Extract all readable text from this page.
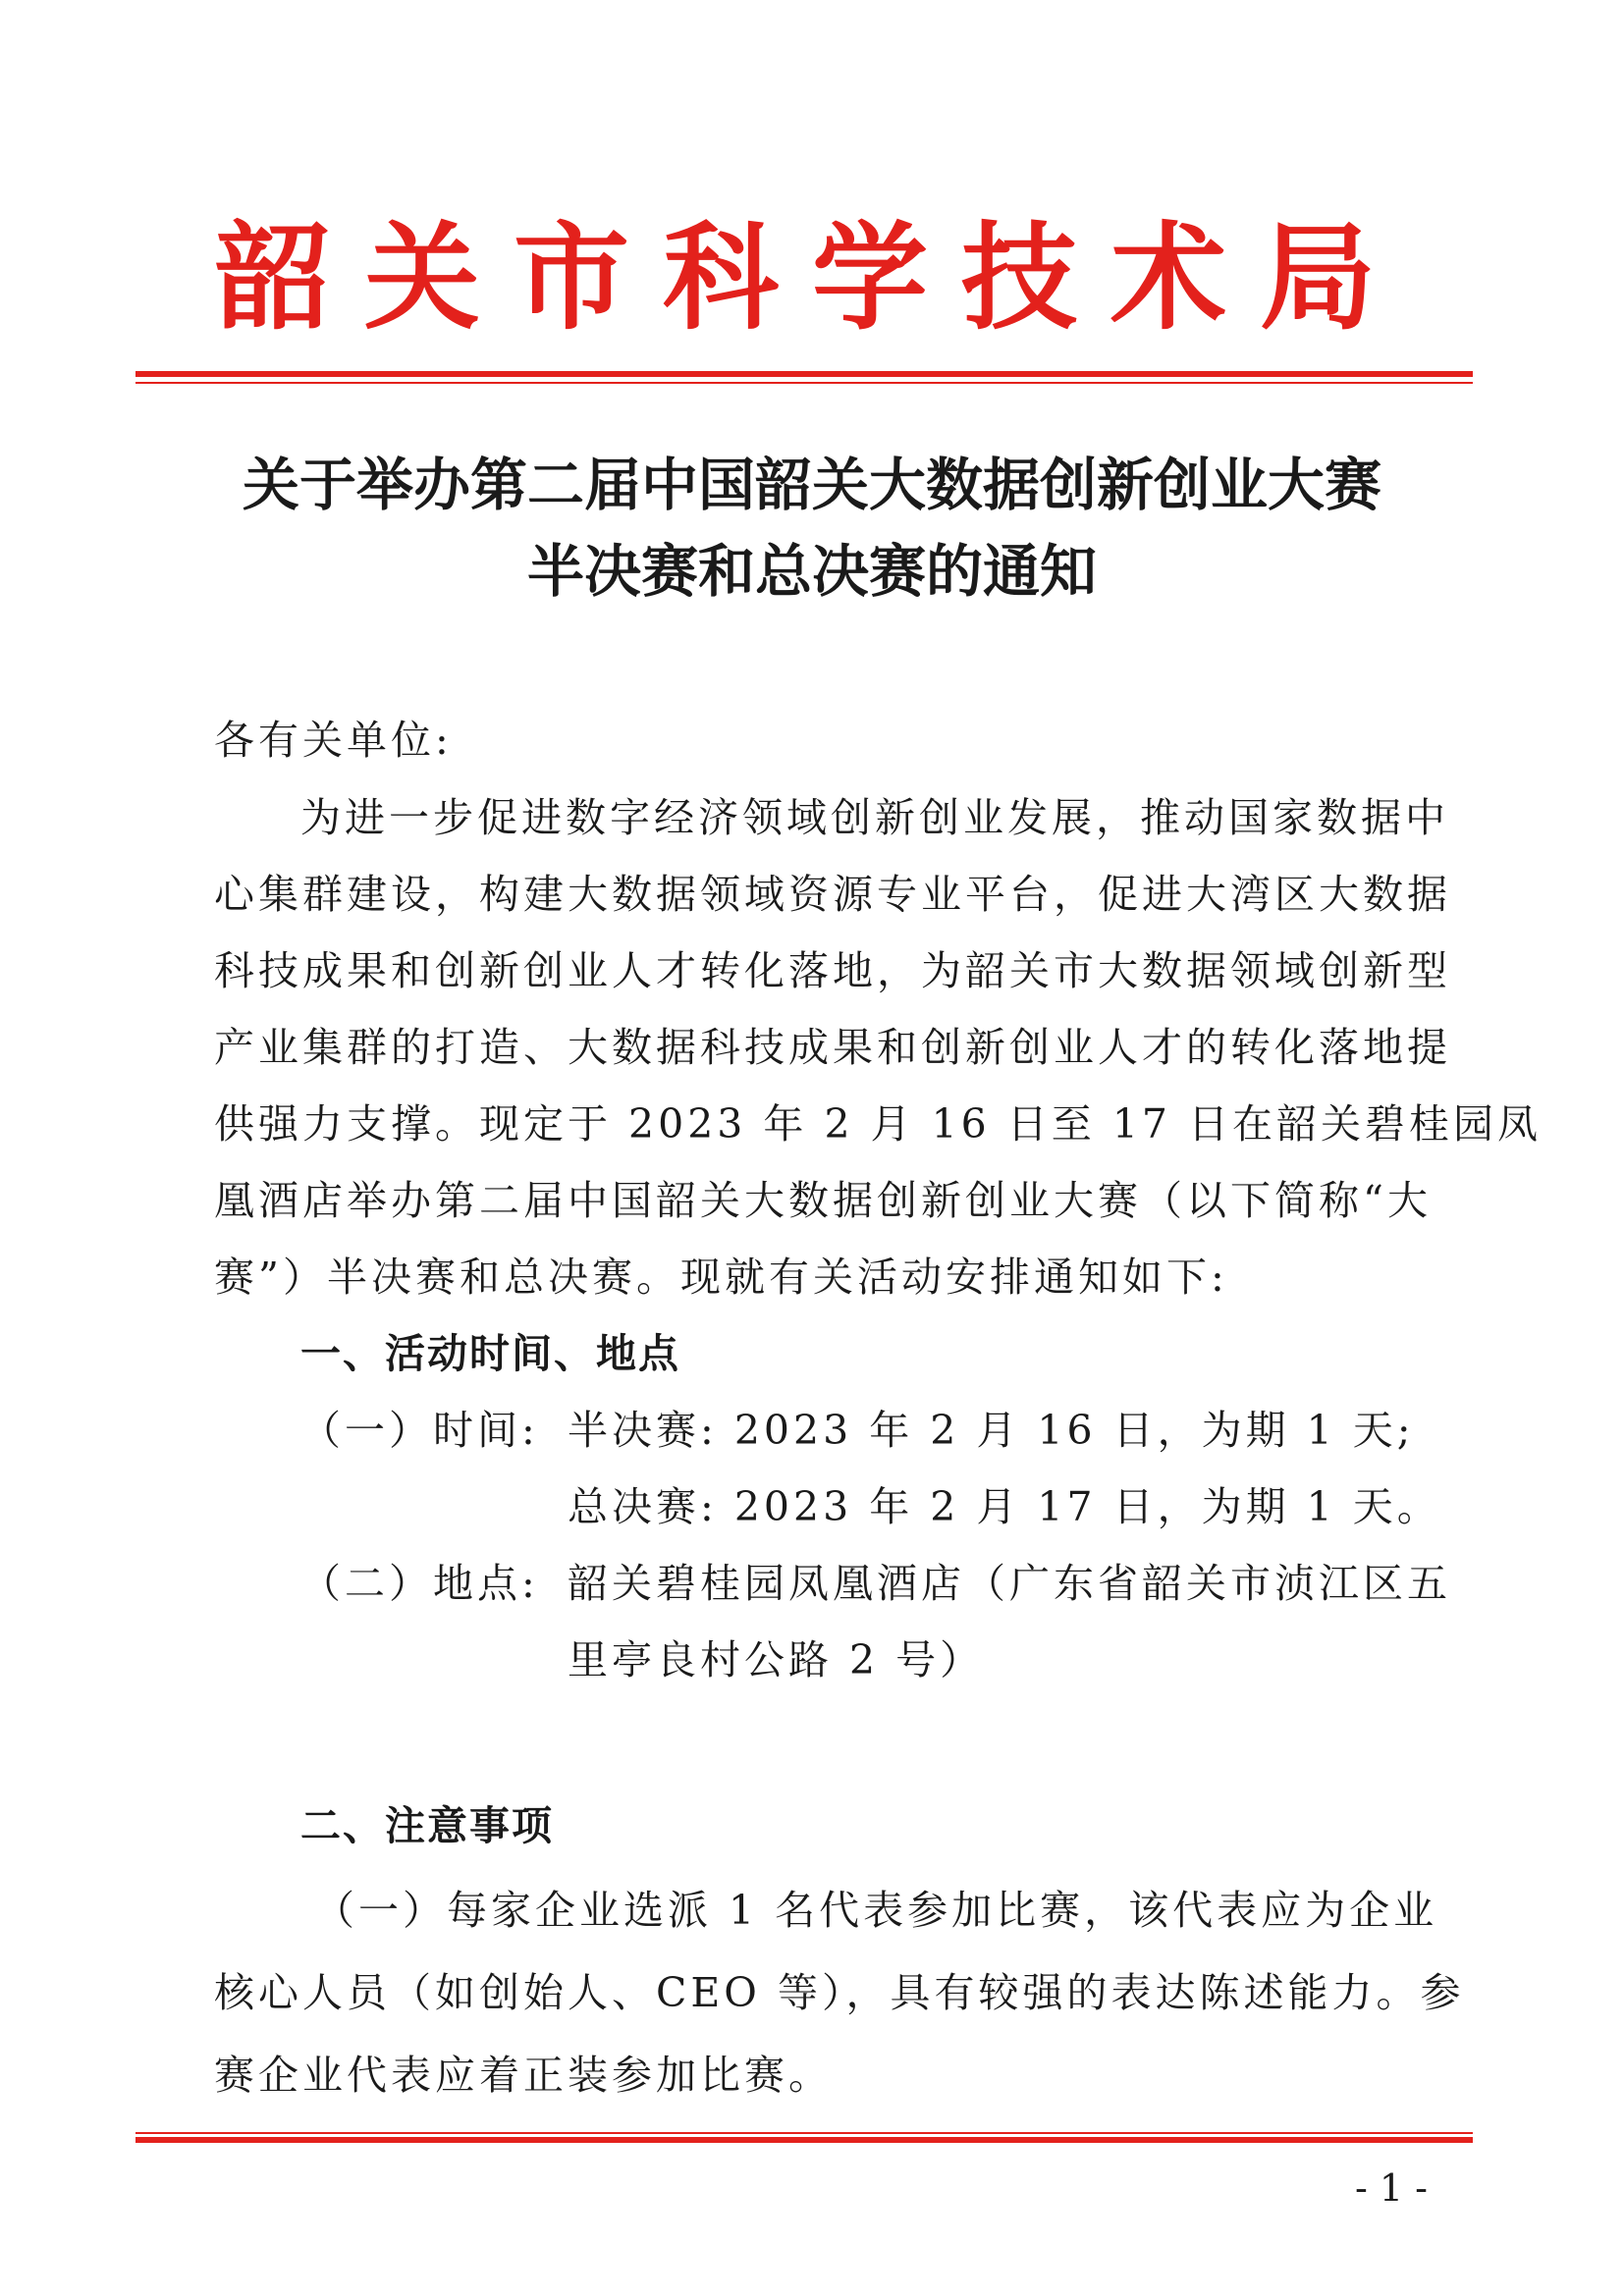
韶关市科学技术局
关于举办第二届中国韶关大数据创新创业大赛
半决赛和总决赛的通知
各有关单位:
为进一步促进数字经济领域创新创业发展，推动国家数据中
心集群建设，构建大数据领域资源专业平台，促进大湾区大数据
科技成果和创新创业人才转化落地，为韶关市大数据领域创新型
产业集群的打造、大数据科技成果和创新创业人才的转化落地提
供强力支撑。现定于 2023 年 2 月 16 日至 17 日在韶关碧桂园凤
凰酒店举办第二届中国韶关大数据创新创业大赛（以下简称“大
赛”）半决赛和总决赛。现就有关活动安排通知如下:
一、活动时间、地点
（一）时间: 半决赛: 2023 年 2 月 16 日，为期 1 天;
总决赛: 2023 年 2 月 17 日，为期 1 天。
（二）地点: 韶关碧桂园凤凰酒店（广东省韶关市浈江区五
里亭良村公路 2 号）
二、注意事项
（一）每家企业选派 1 名代表参加比赛，该代表应为企业
核心人员（如创始人、CEO 等），具有较强的表达陈述能力。参
赛企业代表应着正装参加比赛。
- 1 -
